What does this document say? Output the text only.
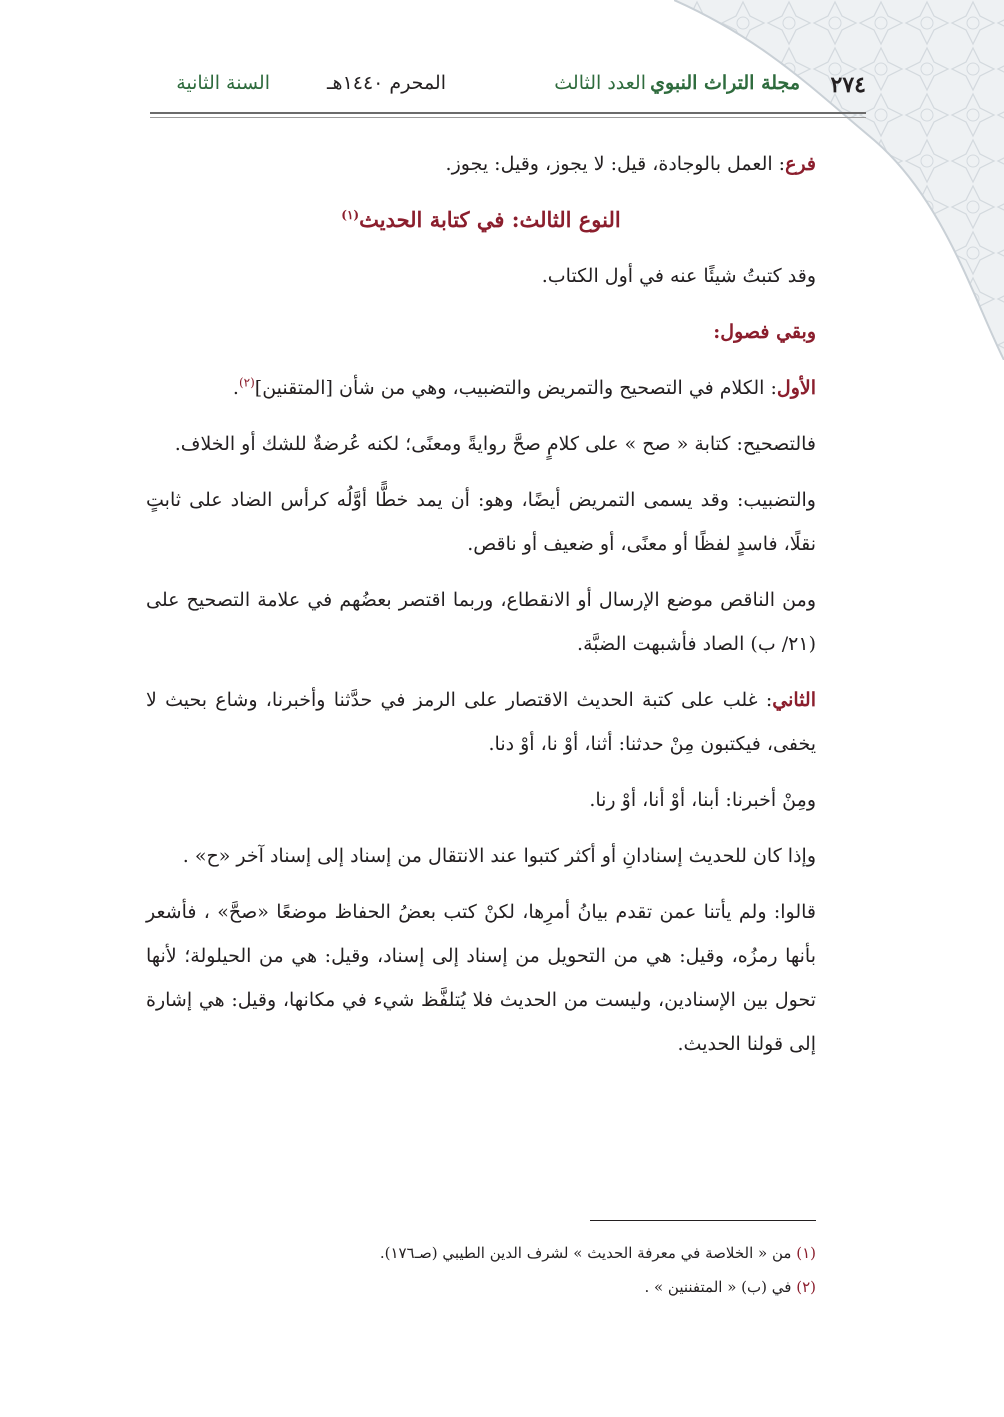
٢٧٤
مجلة التراث النبوي
العدد الثالث
المحرم ١٤٤٠هـ
السنة الثانية

فرع: العمل بالوجادة، قيل: لا يجوز، وقيل: يجوز.

النوع الثالث: في كتابة الحديث$^{(١)}$

وقد كتبتُ شيئًا عنه في أول الكتاب.

وبقي فصول:

الأول: الكلام في التصحيح والتمريض والتضبيب، وهي من شأن [المتقنين]$^{(٢)}$.

فالتصحيح: كتابة « صح » على كلامٍ صحَّ روايةً ومعنًى؛ لكنه عُرضةٌ للشك أو الخلاف.

والتضبيب: وقد يسمى التمريض أيضًا، وهو: أن يمد خطًّا أوَّلُه كرأس الضاد على ثابتٍ نقلًا، فاسدٍ لفظًا أو معنًى، أو ضعيف أو ناقص.

ومن الناقص موضع الإرسال أو الانقطاع، وربما اقتصر بعضُهم في علامة التصحيح على (٢١/ ب) الصاد فأشبهت الضبَّة.

الثاني: غلب على كتبة الحديث الاقتصار على الرمز في حدَّثنا وأخبرنا، وشاع بحيث لا يخفى، فيكتبون مِنْ حدثنا: أثنا، أوْ نا، أوْ دنا.

ومِنْ أخبرنا: أبنا، أوْ أنا، أوْ رنا.

وإذا كان للحديث إسنادانِ أو أكثر كتبوا عند الانتقال من إسناد إلى إسناد آخر «ح» .

قالوا: ولم يأتنا عمن تقدم بيانُ أمرِها، لكنْ كتب بعضُ الحفاظ موضعًا «صحَّ» ، فأشعر بأنها رمزُه، وقيل: هي من التحويل من إسناد إلى إسناد، وقيل: هي من الحيلولة؛ لأنها تحول بين الإسنادين، وليست من الحديث فلا يُتلفَّظ شيء في مكانها، وقيل: هي إشارة إلى قولنا الحديث.

(١) من « الخلاصة في معرفة الحديث » لشرف الدين الطيبي (صـ١٧٦).

(٢) في (ب) « المتفننين » .
